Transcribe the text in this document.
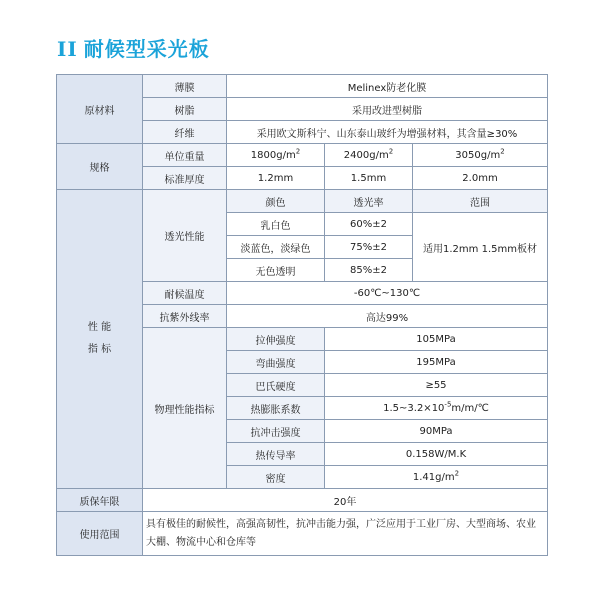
II 耐候型采光板
原材料	薄膜	Melinex防老化膜		
	树脂	采用改进型树脂		
	纤维	采用欧文斯科宁、山东泰山玻纤为增强材料，其含量≥30%		
规格	单位重量	$1800g/m^2$	$2400g/m^2$	$3050g/m^2$
	标准厚度	1.2mm	1.5mm	2.0mm

性 能
指 标	透光性能	颜色	透光率	范围
		乳白色	60%±2	适用1.2mm 1.5mm板材
		淡蓝色，淡绿色	75%±2	
		无色透明	85%±2	
	耐候温度	-60℃~130℃		
	抗紫外线率	高达99%		
	物理性能指标	拉伸强度	105MPa	
		弯曲强度	195MPa	
		巴氏硬度	≥55	
		热膨胀系数	$1.5\sim 3.2\times 10^{-5}m/m/℃$	
		抗冲击强度	90MPa	
		热传导率	0.158W/M.K	
		密度	$1.41g/m^2$

质保年限	20年			
使用范围	具有极佳的耐候性，高强高韧性，抗冲击能力强，广泛应用于工业厂房、大型商场、农业大棚、物流中心和仓库等			
